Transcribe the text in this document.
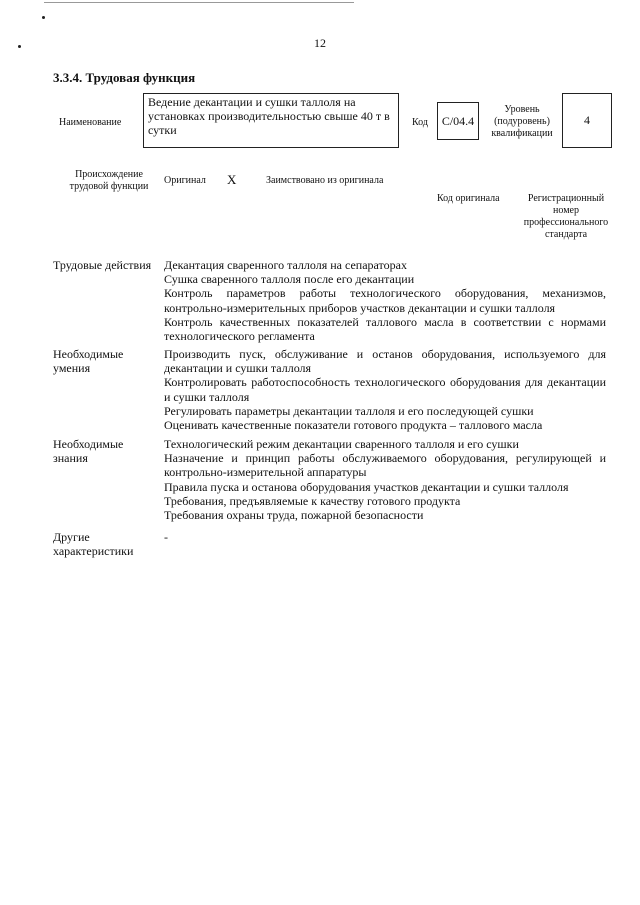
12
3.3.4. Трудовая функция
Наименование
Ведение декантации и сушки таллоля на установках производительностью свыше 40 т в сутки
Код C/04.4
Уровень (подуровень) квалификации
4
Происхождение трудовой функции
Оригинал X	Заимствовано из оригинала
Код оригинала	Регистрационный номер профессионального стандарта
Трудовые действия Декантация сваренного таллоля на сепараторах
Сушка сваренного таллоля после его декантации
Контроль параметров работы технологического оборудования, механизмов, контрольно-измерительных приборов участков декантации и сушки таллоля
Контроль качественных показателей таллового масла в соответствии с нормами технологического регламента
Необходимые умения
Производить пуск, обслуживание и останов оборудования, используемого для декантации и сушки таллоля
Контролировать работоспособность технологического оборудования для декантации и сушки таллоля
Регулировать параметры декантации таллоля и его последующей сушки
Оценивать качественные показатели готового продукта – таллового масла
Необходимые знания
Технологический режим декантации сваренного таллоля и его сушки
Назначение и принцип работы обслуживаемого оборудования, регулирующей и контрольно-измерительной аппаратуры
Правила пуска и останова оборудования участков декантации и сушки таллоля
Требования, предъявляемые к качеству готового продукта
Требования охраны труда, пожарной безопасности
Другие характеристики
-
